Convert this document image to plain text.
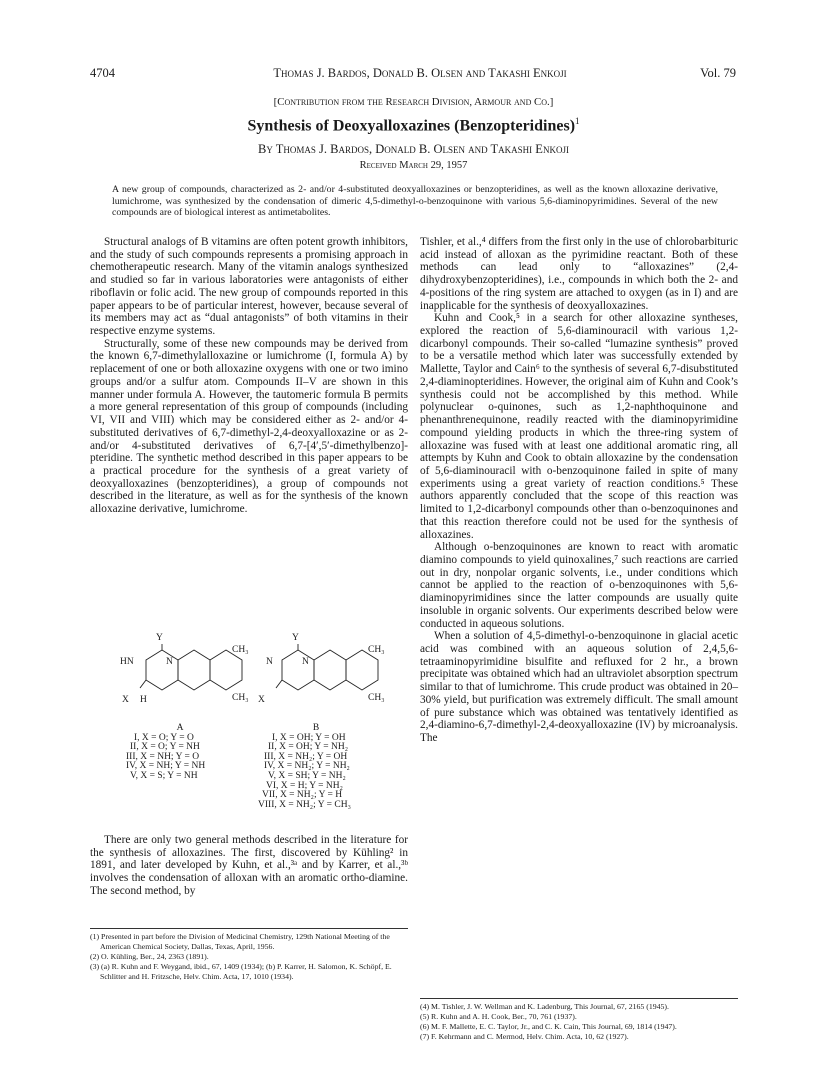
4704	Thomas J. Bardos, Donald B. Olsen and Takashi Enkoji	Vol. 79
[Contribution from the Research Division, Armour and Co.]
Synthesis of Deoxyalloxazines (Benzopteridines)$^1$
By Thomas J. Bardos, Donald B. Olsen and Takashi Enkoji
Received March 29, 1957
A new group of compounds, characterized as 2- and/or 4-substituted deoxyalloxazines or benzopteridines, as well as the known alloxazine derivative, lumichrome, was synthesized by the condensation of dimeric 4,5-dimethyl-o-benzoquinone with various 5,6-diaminopyrimidines. Several of the new compounds are of biological interest as antimetabolites.

Structural analogs of B vitamins are often potent growth inhibitors, and the study of such compounds represents a promising approach in chemotherapeutic research. Many of the vitamin analogs synthesized and studied so far in various laboratories were antagonists of either riboflavin or folic acid. The new group of compounds reported in this paper appears to be of particular interest, however, because several of its members may act as “dual antagonists” of both vitamins in their respective enzyme systems.

Structurally, some of these new compounds may be derived from the known 6,7-dimethylalloxazine or lumichrome (I, formula A) by replacement of one or both alloxazine oxygens with one or two imino groups and/or a sulfur atom. Compounds II–V are shown in this manner under formula A. However, the tautomeric formula B permits a more general representation of this group of compounds (including VI, VII and VIII) which may be considered either as 2- and/or 4-substituted derivatives of 6,7-dimethyl-2,4-deoxyalloxazine or as 2- and/or 4-substituted derivatives of 6,7-[4′,5′-dimethylbenzo]-pteridine. The synthetic method described in this paper appears to be a practical procedure for the synthesis of a great variety of deoxyalloxazines (benzopteridines), a group of compounds not described in the literature, as well as for the synthesis of the known alloxazine derivative, lumichrome.

Y
HN	N
CH₃
CH₃
X H
A
I, X = O; Y = O
II, X = O; Y = NH
III, X = NH; Y = O
IV, X = NH; Y = NH
V, X = S; Y = NH
Y
N	N
CH₃
CH₃
X
B
I, X = OH; Y = OH
II, X = OH; Y = NH₂
III, X = NH₂; Y = OH
IV, X = NH₂; Y = NH₂
V, X = SH; Y = NH₂
VI, X = H; Y = NH₂
VII, X = NH₂; Y = H
VIII, X = NH₂; Y = CH₃

There are only two general methods described in the literature for the synthesis of alloxazines. The first, discovered by Kühling² in 1891, and later developed by Kuhn, et al.,³ᵃ and by Karrer, et al.,³ᵇ involves the condensation of alloxan with an aromatic ortho-diamine. The second method, by

(1) Presented in part before the Division of Medicinal Chemistry, 129th National Meeting of the American Chemical Society, Dallas, Texas, April, 1956.
(2) O. Kühling, Ber., 24, 2363 (1891).
(3) (a) R. Kuhn and F. Weygand, ibid., 67, 1409 (1934); (b) P. Karrer, H. Salomon, K. Schöpf, E. Schlitter and H. Fritzsche, Helv. Chim. Acta, 17, 1010 (1934).

Tishler, et al.,⁴ differs from the first only in the use of chlorobarbituric acid instead of alloxan as the pyrimidine reactant. Both of these methods can lead only to “alloxazines” (2,4-dihydroxybenzopteridines), i.e., compounds in which both the 2- and 4-positions of the ring system are attached to oxygen (as in I) and are inapplicable for the synthesis of deoxyalloxazines.

Kuhn and Cook,⁵ in a search for other alloxazine syntheses, explored the reaction of 5,6-diaminouracil with various 1,2-dicarbonyl compounds. Their so-called “lumazine synthesis” proved to be a versatile method which later was successfully extended by Mallette, Taylor and Cain⁶ to the synthesis of several 6,7-disubstituted 2,4-diaminopteridines. However, the original aim of Kuhn and Cook’s synthesis could not be accomplished by this method. While polynuclear o-quinones, such as 1,2-naphthoquinone and phenanthrenequinone, readily reacted with the diaminopyrimidine compound yielding products in which the three-ring system of alloxazine was fused with at least one additional aromatic ring, all attempts by Kuhn and Cook to obtain alloxazine by the condensation of 5,6-diaminouracil with o-benzoquinone failed in spite of many experiments using a great variety of reaction conditions.⁵ These authors apparently concluded that the scope of this reaction was limited to 1,2-dicarbonyl compounds other than o-benzoquinones and that this reaction therefore could not be used for the synthesis of alloxazines.

Although o-benzoquinones are known to react with aromatic diamino compounds to yield quinoxalines,⁷ such reactions are carried out in dry, nonpolar organic solvents, i.e., under conditions which cannot be applied to the reaction of o-benzoquinones with 5,6-diaminopyrimidines since the latter compounds are usually quite insoluble in organic solvents. Our experiments described below were conducted in aqueous solutions.

When a solution of 4,5-dimethyl-o-benzoquinone in glacial acetic acid was combined with an aqueous solution of 2,4,5,6-tetraaminopyrimidine bisulfite and refluxed for 2 hr., a brown precipitate was obtained which had an ultraviolet absorption spectrum similar to that of lumichrome. This crude product was obtained in 20–30% yield, but purification was extremely difficult. The small amount of pure substance which was obtained was tentatively identified as 2,4-diamino-6,7-dimethyl-2,4-deoxyalloxazine (IV) by microanalysis. The

(4) M. Tishler, J. W. Wellman and K. Ladenburg, This Journal, 67, 2165 (1945).
(5) R. Kuhn and A. H. Cook, Ber., 70, 761 (1937).
(6) M. F. Mallette, E. C. Taylor, Jr., and C. K. Cain, This Journal, 69, 1814 (1947).
(7) F. Kehrmann and C. Mermod, Helv. Chim. Acta, 10, 62 (1927).
